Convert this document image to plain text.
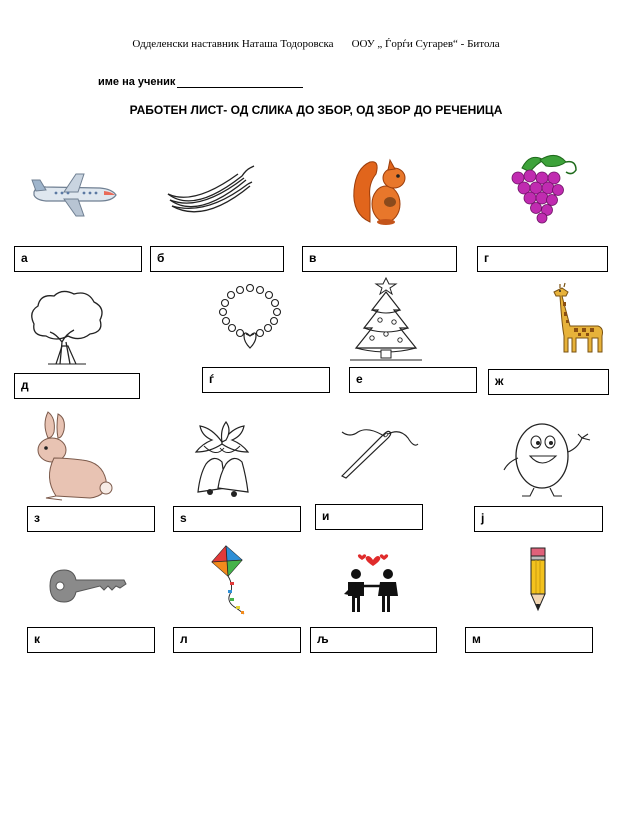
Одделенски наставник Наташа Тодоровска ООУ „ Ѓорѓи Сугарев“ - Битола
име на ученик
РАБОТЕН ЛИСТ- ОД СЛИКА ДО ЗБОР, ОД ЗБОР ДО РЕЧЕНИЦА
а	б	в	г
д	ѓ	е	ж
з	s	и	ј
к	л	љ	м
